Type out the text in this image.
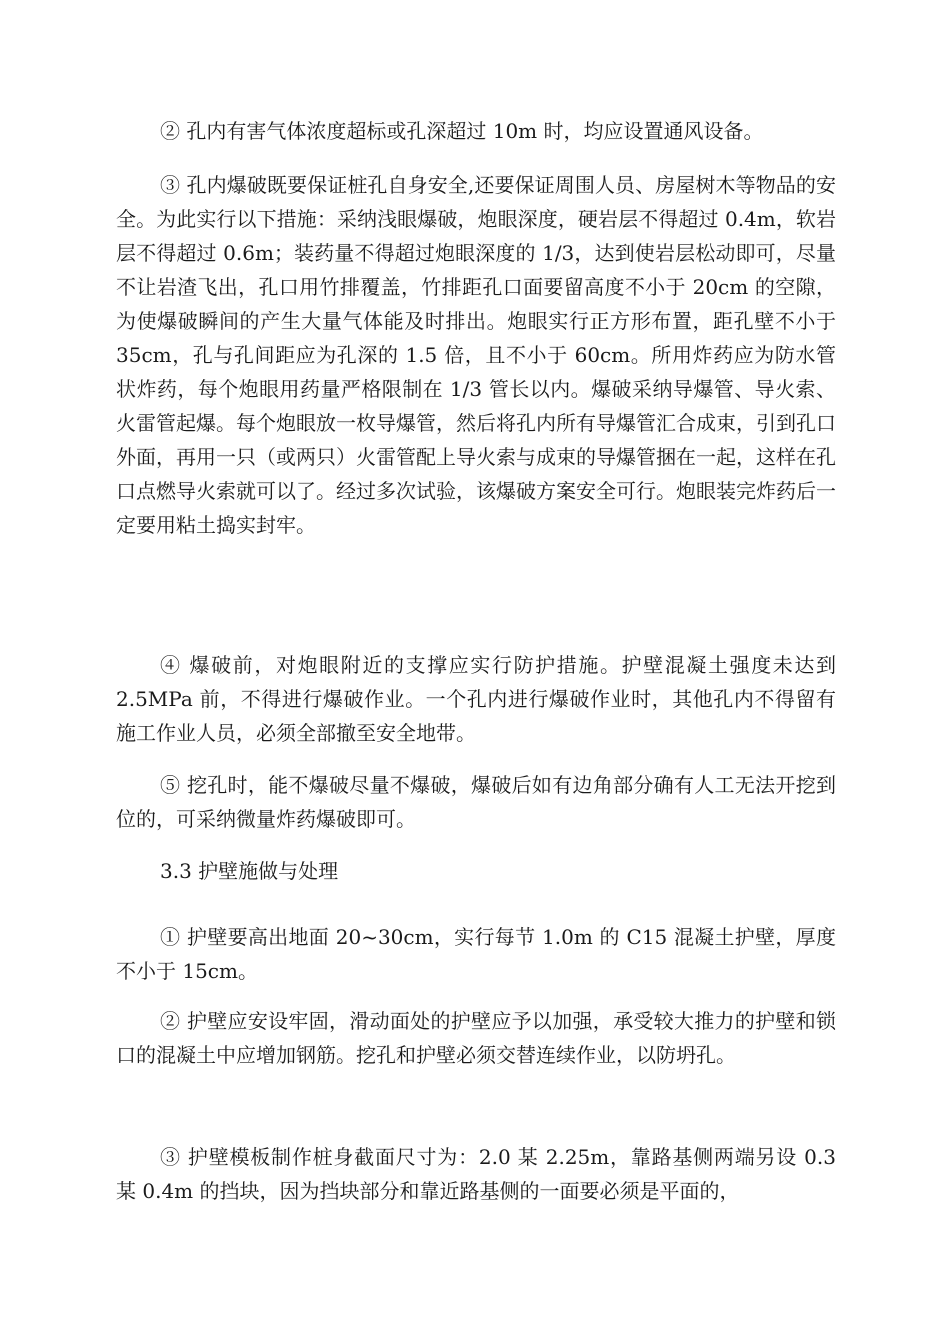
② 孔内有害气体浓度超标或孔深超过 10m 时，均应设置通风设备。

③ 孔内爆破既要保证桩孔自身安全,还要保证周围人员、房屋树木等物品的安全。为此实行以下措施：采纳浅眼爆破，炮眼深度，硬岩层不得超过 0.4m，软岩层不得超过 0.6m；装药量不得超过炮眼深度的 1/3，达到使岩层松动即可，尽量不让岩渣飞出，孔口用竹排覆盖，竹排距孔口面要留高度不小于 20cm 的空隙，为使爆破瞬间的产生大量气体能及时排出。炮眼实行正方形布置，距孔壁不小于 35cm，孔与孔间距应为孔深的 1.5 倍，且不小于 60cm。所用炸药应为防水管状炸药，每个炮眼用药量严格限制在 1/3 管长以内。爆破采纳导爆管、导火索、火雷管起爆。每个炮眼放一枚导爆管，然后将孔内所有导爆管汇合成束，引到孔口外面，再用一只（或两只）火雷管配上导火索与成束的导爆管捆在一起，这样在孔口点燃导火索就可以了。经过多次试验，该爆破方案安全可行。炮眼装完炸药后一定要用粘土捣实封牢。

④ 爆破前，对炮眼附近的支撑应实行防护措施。护壁混凝土强度未达到 2.5MPa 前，不得进行爆破作业。一个孔内进行爆破作业时，其他孔内不得留有施工作业人员，必须全部撤至安全地带。

⑤ 挖孔时，能不爆破尽量不爆破，爆破后如有边角部分确有人工无法开挖到位的，可采纳微量炸药爆破即可。

3.3 护壁施做与处理

① 护壁要高出地面 20~30cm，实行每节 1.0m 的 C15 混凝土护壁，厚度不小于 15cm。

② 护壁应安设牢固，滑动面处的护壁应予以加强，承受较大推力的护壁和锁口的混凝土中应增加钢筋。挖孔和护壁必须交替连续作业，以防坍孔。

③ 护壁模板制作桩身截面尺寸为：2.0 某 2.25m，靠路基侧两端另设 0.3 某 0.4m 的挡块，因为挡块部分和靠近路基侧的一面要必须是平面的，
